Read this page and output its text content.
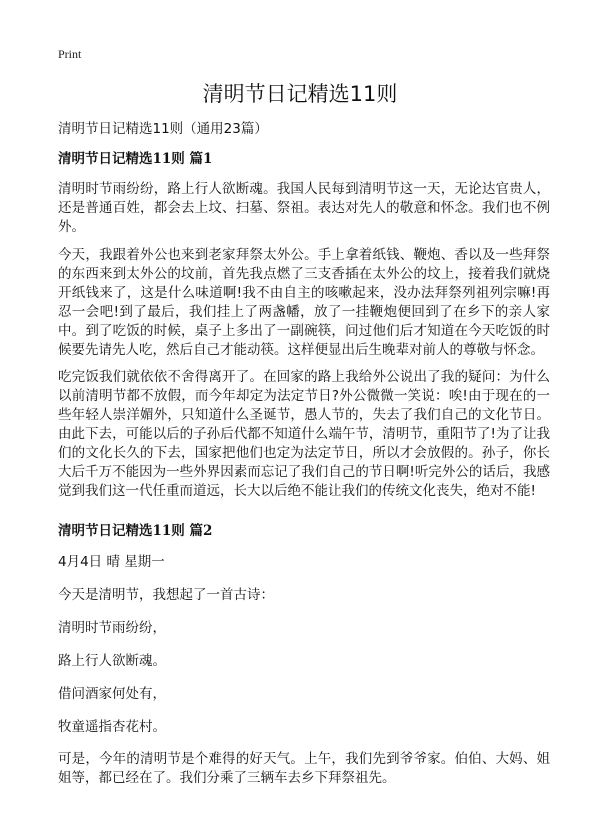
Print
清明节日记精选11则
清明节日记精选11则（通用23篇）
清明节日记精选11则 篇1
清明时节雨纷纷，路上行人欲断魂。我国人民每到清明节这一天，无论达官贵人，还是普通百姓，都会去上坟、扫墓、祭祖。表达对先人的敬意和怀念。我们也不例外。
今天，我跟着外公也来到老家拜祭太外公。手上拿着纸钱、鞭炮、香以及一些拜祭的东西来到太外公的坟前，首先我点燃了三支香插在太外公的坟上，接着我们就烧开纸钱来了，这是什么味道啊!我不由自主的咳嗽起来，没办法拜祭列祖列宗嘛!再忍一会吧!到了最后，我们挂上了两盏幡，放了一挂鞭炮便回到了在乡下的亲人家中。到了吃饭的时候，桌子上多出了一副碗筷，问过他们后才知道在今天吃饭的时候要先请先人吃，然后自己才能动筷。这样便显出后生晚辈对前人的尊敬与怀念。
吃完饭我们就依依不舍得离开了。在回家的路上我给外公说出了我的疑问：为什么以前清明节都不放假，而今年却定为法定节日?外公微微一笑说：唉!由于现在的一些年轻人崇洋媚外，只知道什么圣诞节，愚人节的，失去了我们自己的文化节日。由此下去，可能以后的子孙后代都不知道什么端午节，清明节，重阳节了!为了让我们的文化长久的下去，国家把他们也定为法定节日，所以才会放假的。孙子，你长大后千万不能因为一些外界因素而忘记了我们自己的节日啊!听完外公的话后，我感觉到我们这一代任重而道远，长大以后绝不能让我们的传统文化丧失，绝对不能!
清明节日记精选11则 篇2
4月4日 晴 星期一
今天是清明节，我想起了一首古诗：
清明时节雨纷纷，
路上行人欲断魂。
借问酒家何处有，
牧童遥指杏花村。
可是，今年的清明节是个难得的好天气。上午，我们先到爷爷家。伯伯、大妈、姐姐等，都已经在了。我们分乘了三辆车去乡下拜祭祖先。
